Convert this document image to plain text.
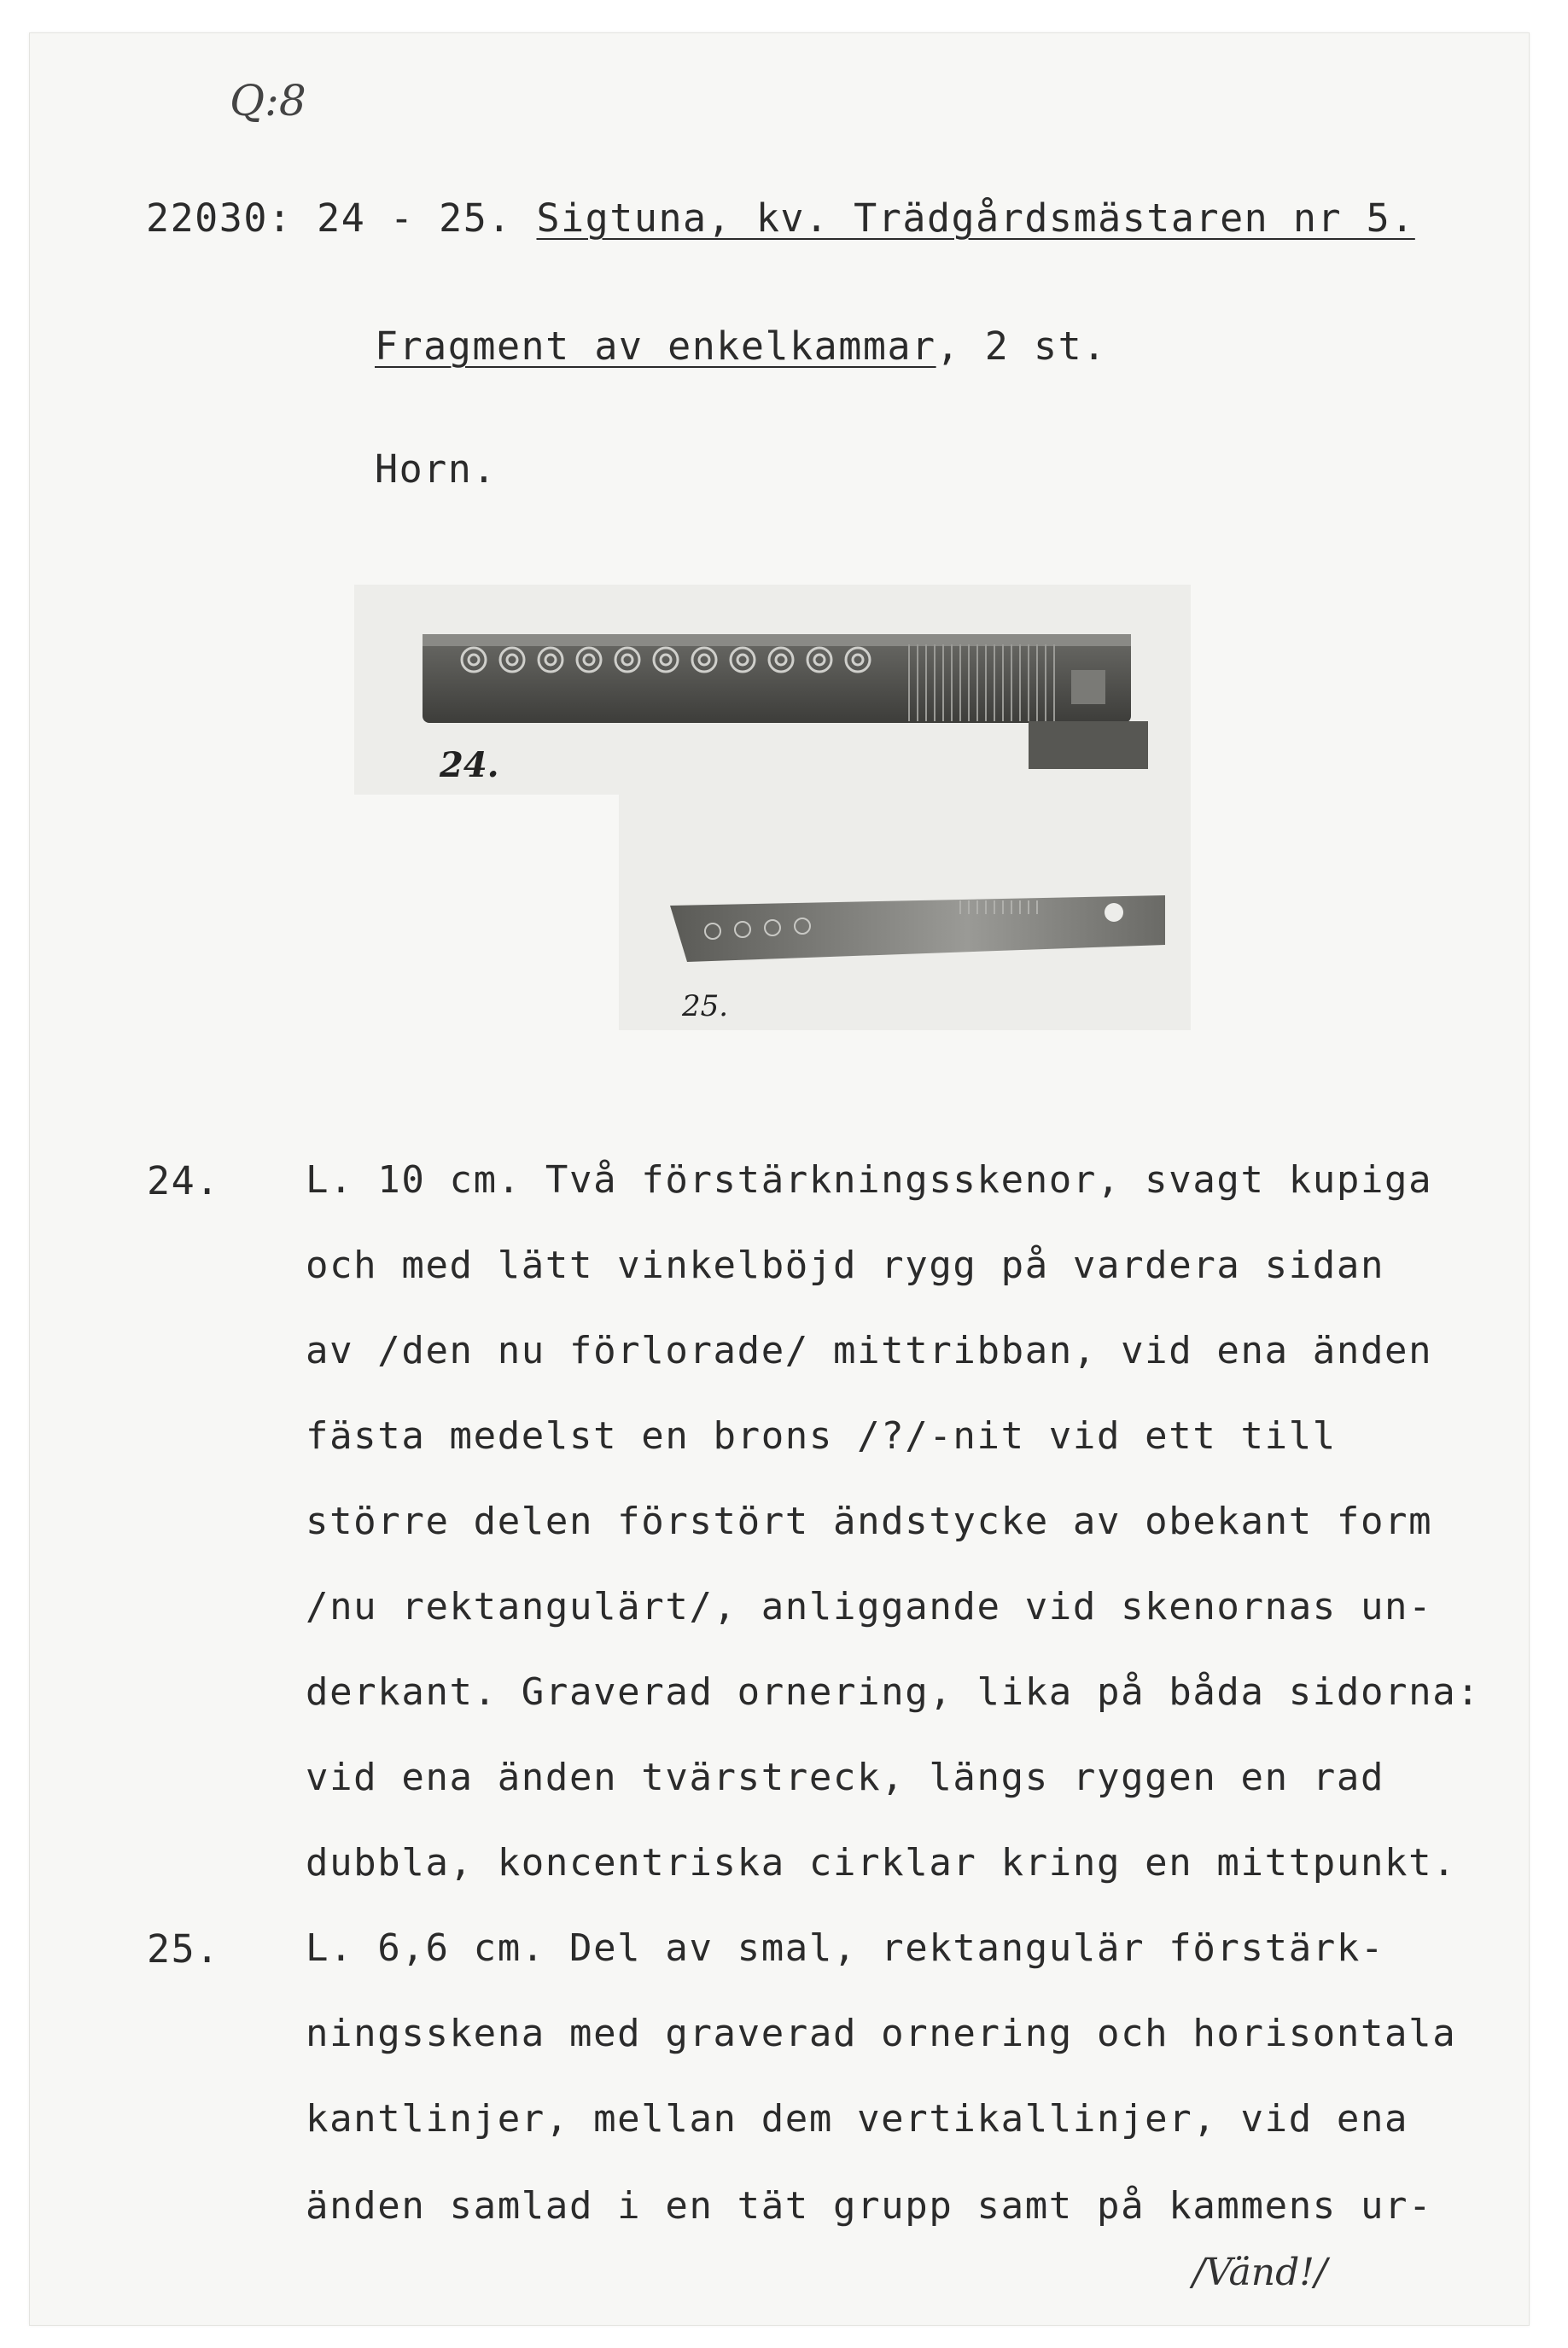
Q:8
22030: 24 - 25. Sigtuna, kv. Trädgårdsmästaren nr 5.
Fragment av enkelkammar, 2 st.
Horn.
24.
25.
24. L. 10 cm. Två förstärkningsskenor, svagt kupiga
och med lätt vinkelböjd rygg på vardera sidan
av /den nu förlorade/ mittribban, vid ena änden
fästa medelst en brons /?/-nit vid ett till
större delen förstört ändstycke av obekant form
/nu rektangulärt/, anliggande vid skenornas un-
derkant. Graverad ornering, lika på båda sidorna:
vid ena änden tvärstreck, längs ryggen en rad
dubbla, koncentriska cirklar kring en mittpunkt.
25. L. 6,6 cm. Del av smal, rektangulär förstärk-
ningsskena med graverad ornering och horisontala
kantlinjer, mellan dem vertikallinjer, vid ena
änden samlad i en tät grupp samt på kammens ur-
/Vänd!/
